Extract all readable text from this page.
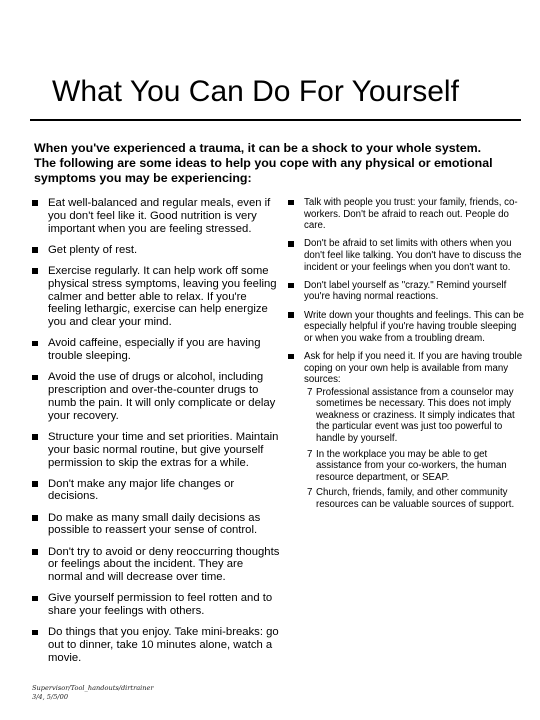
What You Can Do For Yourself
When you've experienced a trauma, it can be a shock to your whole system. The following are some ideas to help you cope with any physical or emotional symptoms you may be experiencing:
Eat well-balanced and regular meals, even if you don't feel like it. Good nutrition is very important when you are feeling stressed.
Get plenty of rest.
Exercise regularly. It can help work off some physical stress symptoms, leaving you feeling calmer and better able to relax. If you're feeling lethargic, exercise can help energize you and clear your mind.
Avoid caffeine, especially if you are having trouble sleeping.
Avoid the use of drugs or alcohol, including prescription and over-the-counter drugs to numb the pain. It will only complicate or delay your recovery.
Structure your time and set priorities. Maintain your basic normal routine, but give yourself permission to skip the extras for a while.
Don't make any major life changes or decisions.
Do make as many small daily decisions as possible to reassert your sense of control.
Don't try to avoid or deny reoccurring thoughts or feelings about the incident. They are normal and will decrease over time.
Give yourself permission to feel rotten and to share your feelings with others.
Do things that you enjoy. Take mini-breaks: go out to dinner, take 10 minutes alone, watch a movie.
Talk with people you trust: your family, friends, co-workers. Don't be afraid to reach out. People do care.
Don't be afraid to set limits with others when you don't feel like talking. You don't have to discuss the incident or your feelings when you don't want to.
Don't label yourself as "crazy." Remind yourself you're having normal reactions.
Write down your thoughts and feelings. This can be especially helpful if you're having trouble sleeping or when you wake from a troubling dream.
Ask for help if you need it. If you are having trouble coping on your own help is available from many sources:
7 Professional assistance from a counselor may sometimes be necessary. This does not imply weakness or craziness. It simply indicates that the particular event was just too powerful to handle by yourself.
7 In the workplace you may be able to get assistance from your co-workers, the human resource department, or SEAP.
7 Church, friends, family, and other community resources can be valuable sources of support.
Supervisor/Tool_handouts/dirtrainer
3/4, 5/5/00
